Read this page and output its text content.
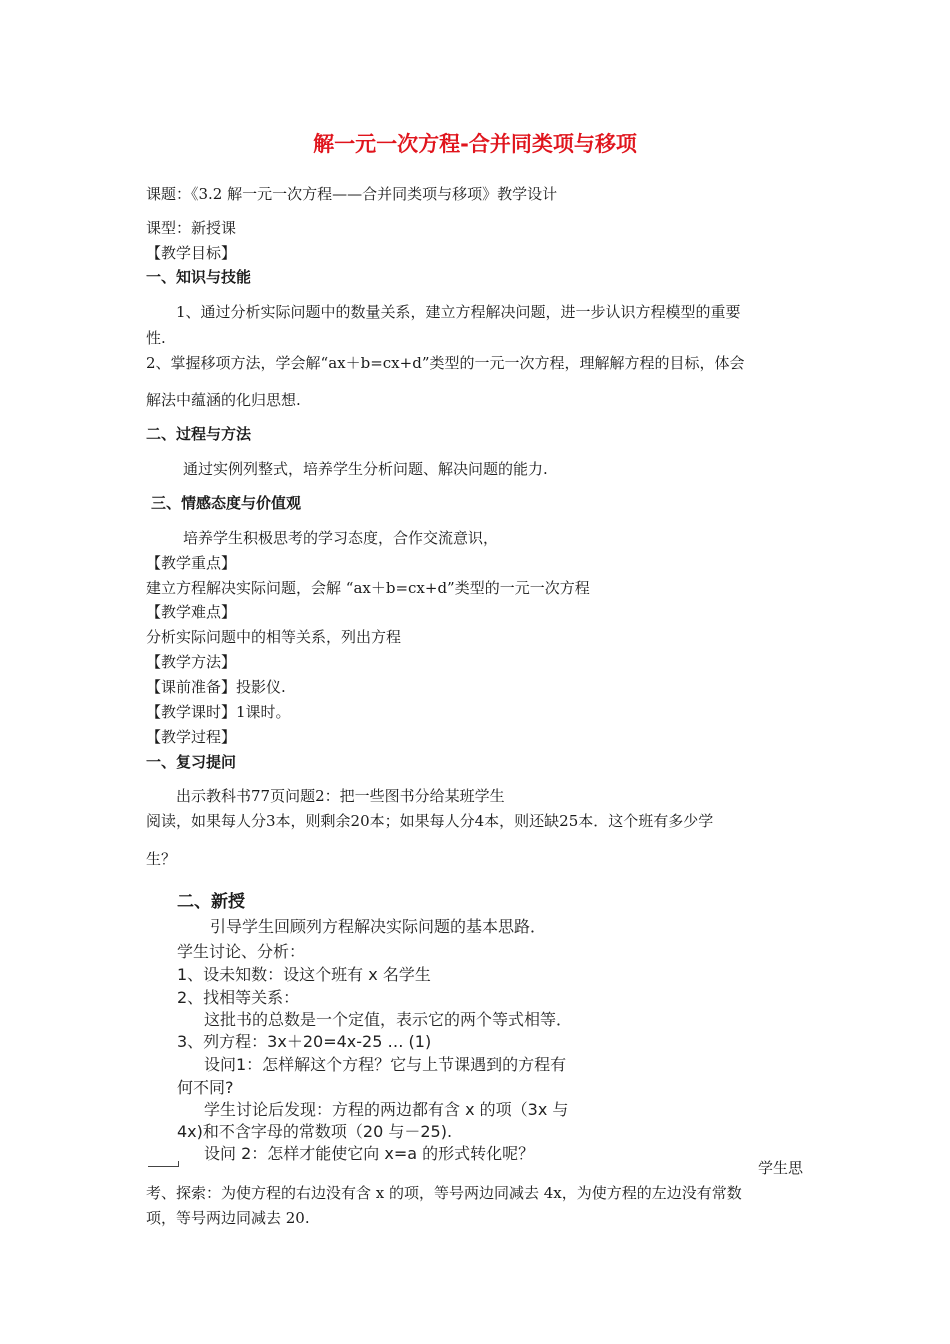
解一元一次方程-合并同类项与移项
课题：《3.2 解一元一次方程——合并同类项与移项》教学设计
课型：新授课
【教学目标】
一、知识与技能
1、通过分析实际问题中的数量关系，建立方程解决问题，进一步认识方程模型的重要
性.
2、掌握移项方法，学会解“ax＋b=cx+d”类型的一元一次方程，理解解方程的目标，体会
解法中蕴涵的化归思想.
二、过程与方法
通过实例列整式，培养学生分析问题、解决问题的能力.
三、情感态度与价值观
培养学生积极思考的学习态度，合作交流意识，
【教学重点】
建立方程解决实际问题，会解 “ax＋b=cx+d”类型的一元一次方程
【教学难点】
分析实际问题中的相等关系，列出方程
【教学方法】
【课前准备】投影仪.
【教学课时】1课时。
【教学过程】
一、复习提问
出示教科书77页问题2：把一些图书分给某班学生
阅读，如果每人分3本，则剩余20本；如果每人分4本，则还缺25本．这个班有多少学
生？
二、新授
引导学生回顾列方程解决实际问题的基本思路．
学生讨论、分析：
1、设未知数：设这个班有 x 名学生
2、找相等关系：
这批书的总数是一个定值，表示它的两个等式相等．
3、列方程：3x＋20=4x-25 … (1)
设问1：怎样解这个方程？它与上节课遇到的方程有
何不同?
学生讨论后发现：方程的两边都有含 x 的项（3x 与
4x)和不含字母的常数项（20 与－25).
设问 2：怎样才能使它向 x=a 的形式转化呢？
学生思
考、探索：为使方程的右边没有含 x 的项，等号两边同减去 4x，为使方程的左边没有常数
项，等号两边同减去 20.
